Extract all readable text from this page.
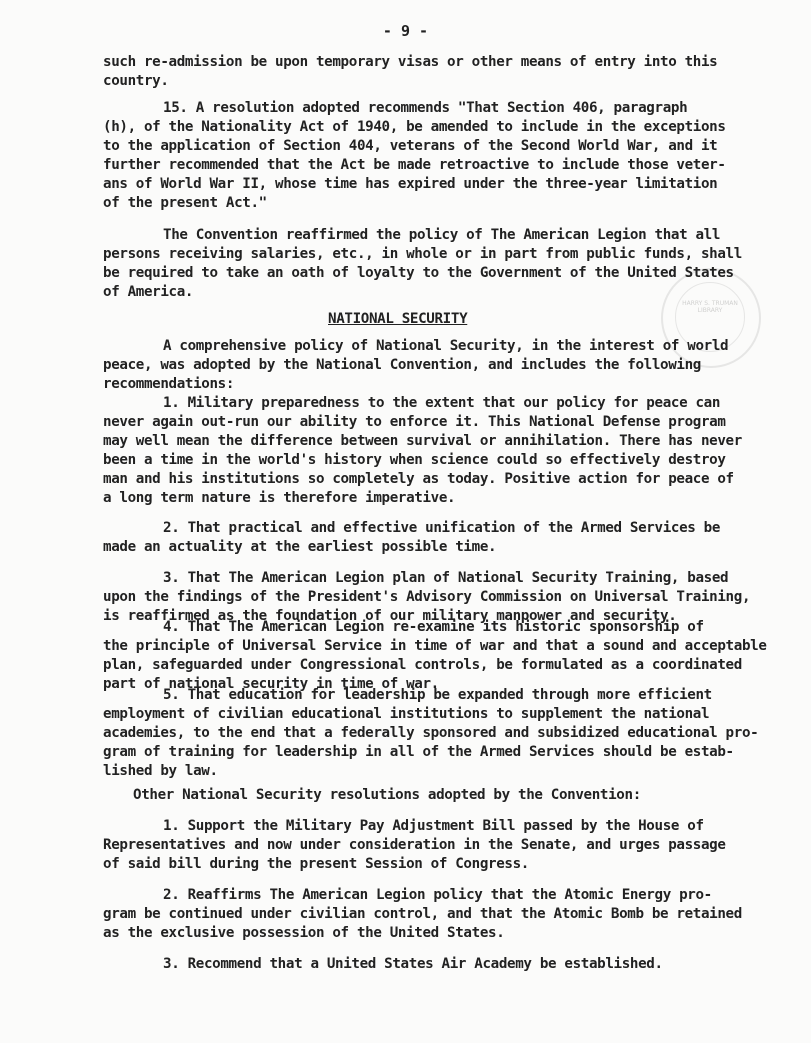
- 9 -
HARRY S. TRUMAN LIBRARY
NATIONAL SECURITY
such re-admission be upon temporary visas or other means of entry into this
country.
15. A resolution adopted recommends "That Section 406, paragraph
(h), of the Nationality Act of 1940, be amended to include in the exceptions
to the application of Section 404, veterans of the Second World War, and it
further recommended that the Act be made retroactive to include those veter-
ans of World War II, whose time has expired under the three-year limitation
of the present Act."
The Convention reaffirmed the policy of The American Legion that all
persons receiving salaries, etc., in whole or in part from public funds, shall
be required to take an oath of loyalty to the Government of the United States
of America.
A comprehensive policy of National Security, in the interest of world
peace, was adopted by the National Convention, and includes the following
recommendations:
1. Military preparedness to the extent that our policy for peace can
never again out-run our ability to enforce it. This National Defense program
may well mean the difference between survival or annihilation. There has never
been a time in the world's history when science could so effectively destroy
man and his institutions so completely as today. Positive action for peace of
a long term nature is therefore imperative.
2. That practical and effective unification of the Armed Services be
made an actuality at the earliest possible time.
3. That The American Legion plan of National Security Training, based
upon the findings of the President's Advisory Commission on Universal Training,
is reaffirmed as the foundation of our military manpower and security.
4. That The American Legion re-examine its historic sponsorship of
the principle of Universal Service in time of war and that a sound and acceptable
plan, safeguarded under Congressional controls, be formulated as a coordinated
part of national security in time of war.
5. That education for leadership be expanded through more efficient
employment of civilian educational institutions to supplement the national
academies, to the end that a federally sponsored and subsidized educational pro-
gram of training for leadership in all of the Armed Services should be estab-
lished by law.
Other National Security resolutions adopted by the Convention:
1. Support the Military Pay Adjustment Bill passed by the House of
Representatives and now under consideration in the Senate, and urges passage
of said bill during the present Session of Congress.
2. Reaffirms The American Legion policy that the Atomic Energy pro-
gram be continued under civilian control, and that the Atomic Bomb be retained
as the exclusive possession of the United States.
3. Recommend that a United States Air Academy be established.
